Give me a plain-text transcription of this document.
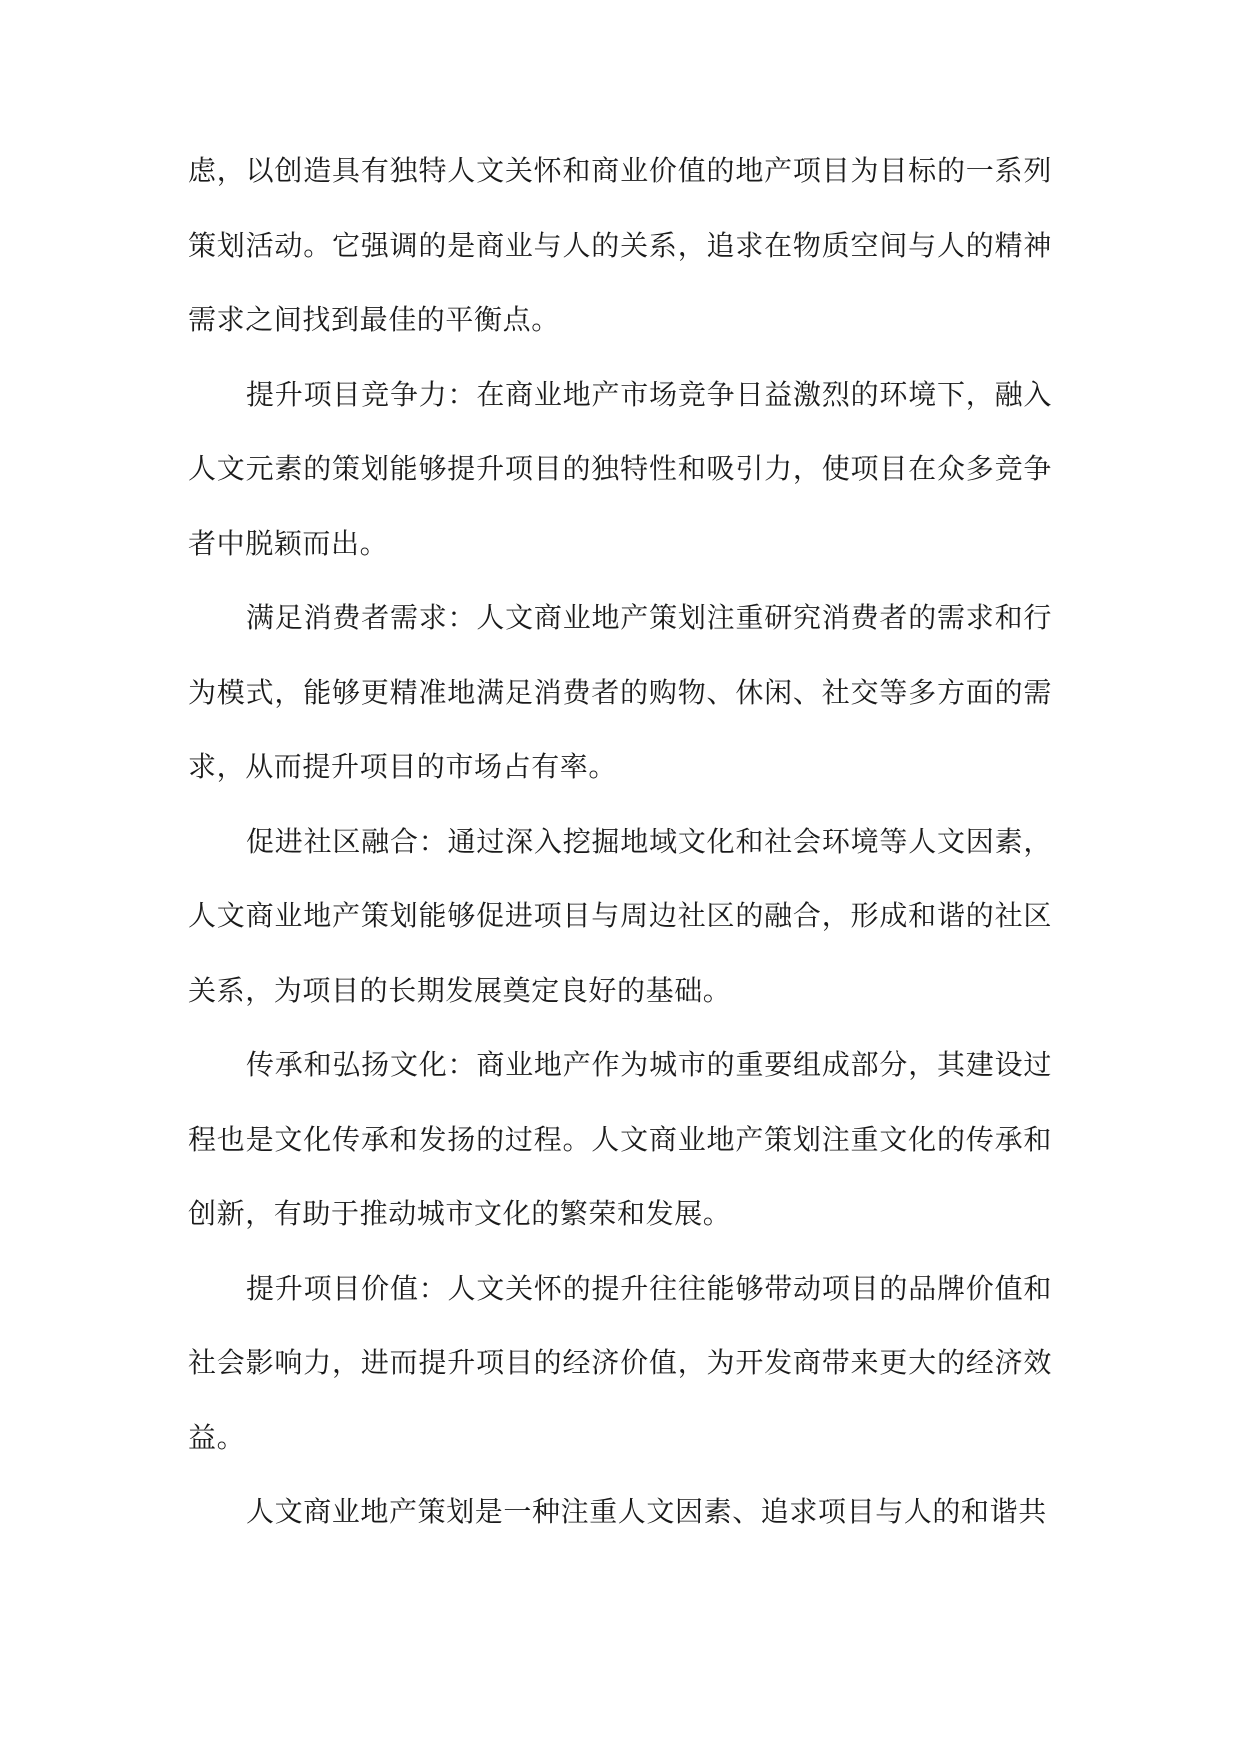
虑，以创造具有独特人文关怀和商业价值的地产项目为目标的一系列策划活动。它强调的是商业与人的关系，追求在物质空间与人的精神需求之间找到最佳的平衡点。

提升项目竞争力：在商业地产市场竞争日益激烈的环境下，融入人文元素的策划能够提升项目的独特性和吸引力，使项目在众多竞争者中脱颖而出。

满足消费者需求：人文商业地产策划注重研究消费者的需求和行为模式，能够更精准地满足消费者的购物、休闲、社交等多方面的需求，从而提升项目的市场占有率。

促进社区融合：通过深入挖掘地域文化和社会环境等人文因素，人文商业地产策划能够促进项目与周边社区的融合，形成和谐的社区关系，为项目的长期发展奠定良好的基础。

传承和弘扬文化：商业地产作为城市的重要组成部分，其建设过程也是文化传承和发扬的过程。人文商业地产策划注重文化的传承和创新，有助于推动城市文化的繁荣和发展。

提升项目价值：人文关怀的提升往往能够带动项目的品牌价值和社会影响力，进而提升项目的经济价值，为开发商带来更大的经济效益。

人文商业地产策划是一种注重人文因素、追求项目与人的和谐共
